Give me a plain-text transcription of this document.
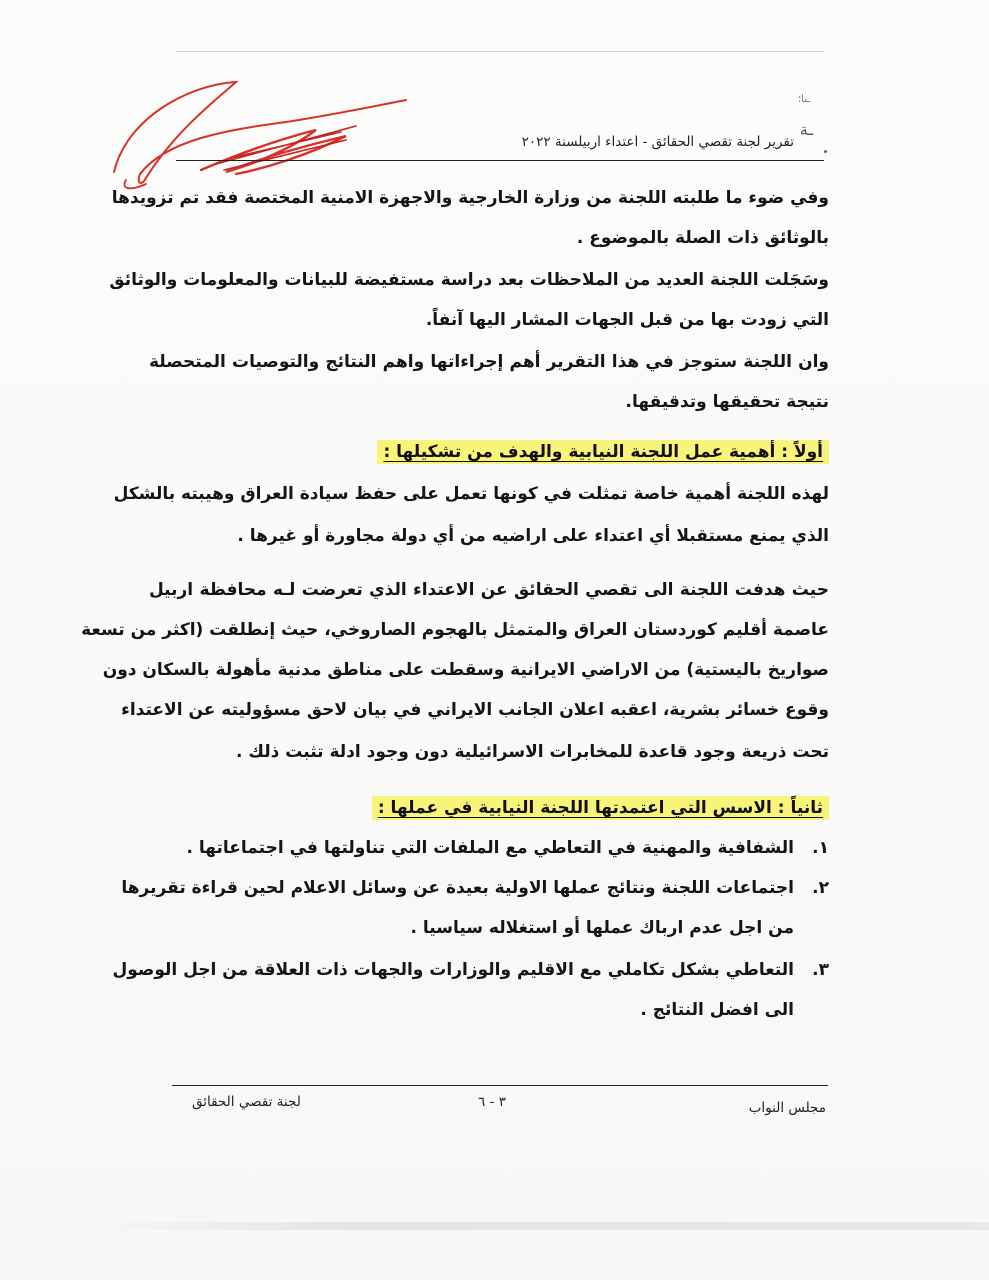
ـنا؛
ـة
تقرير لجنة تقصي الحقائق - اعتداء اربيلسنة ٢٠٢٢
وفي ضوء ما طلبته اللجنة من وزارة الخارجية والاجهزة الامنية المختصة فقد تم تزويدها
بالوثائق ذات الصلة بالموضوع .
وسَجَلت اللجنة العديد من الملاحظات بعد دراسة مستفيضة للبيانات والمعلومات والوثائق
التي زودت بها من قبل الجهات المشار اليها آنفاً.
وان اللجنة ستوجز في هذا التقرير أهم إجراءاتها واهم النتائج والتوصيات المتحصلة
نتيجة تحقيقها وتدقيقها.
أولاً : أهمية عمل اللجنة النيابية والهدف من تشكيلها :
لهذه اللجنة أهمية خاصة تمثلت في كونها تعمل على حفظ سيادة العراق وهيبته بالشكل
الذي يمنع مستقبلا أي اعتداء على اراضيه من أي دولة مجاورة أو غيرها .
حيث هدفت اللجنة الى تقصي الحقائق عن الاعتداء الذي تعرضت لـه محافظة اربيل
عاصمة أقليم كوردستان العراق والمتمثل بالهجوم الصاروخي، حيث إنطلقت (اكثر من تسعة
صواريخ باليستية) من الاراضي الايرانية وسقطت على مناطق مدنية مأهولة بالسكان دون
وقوع خسائر بشرية، اعقبه اعلان الجانب الايراني في بيان لاحق مسؤوليته عن الاعتداء
تحت ذريعة وجود قاعدة للمخابرات الاسرائيلية دون وجود ادلة تثبت ذلك .
ثانياً : الاسس التي اعتمدتها اللجنة النيابية في عملها :
١.
الشفافية والمهنية في التعاطي مع الملفات التي تناولتها في اجتماعاتها .
٢.
اجتماعات اللجنة ونتائج عملها الاولية بعيدة عن وسائل الاعلام لحين قراءة تقريرها
من اجل عدم ارباك عملها أو استغلاله سياسيا .
٣.
التعاطي بشكل تكاملي مع الاقليم والوزارات والجهات ذات العلاقة من اجل الوصول
الى افضل النتائج .
لجنة تقصي الحقائق	٣ - ٦	مجلس النواب
